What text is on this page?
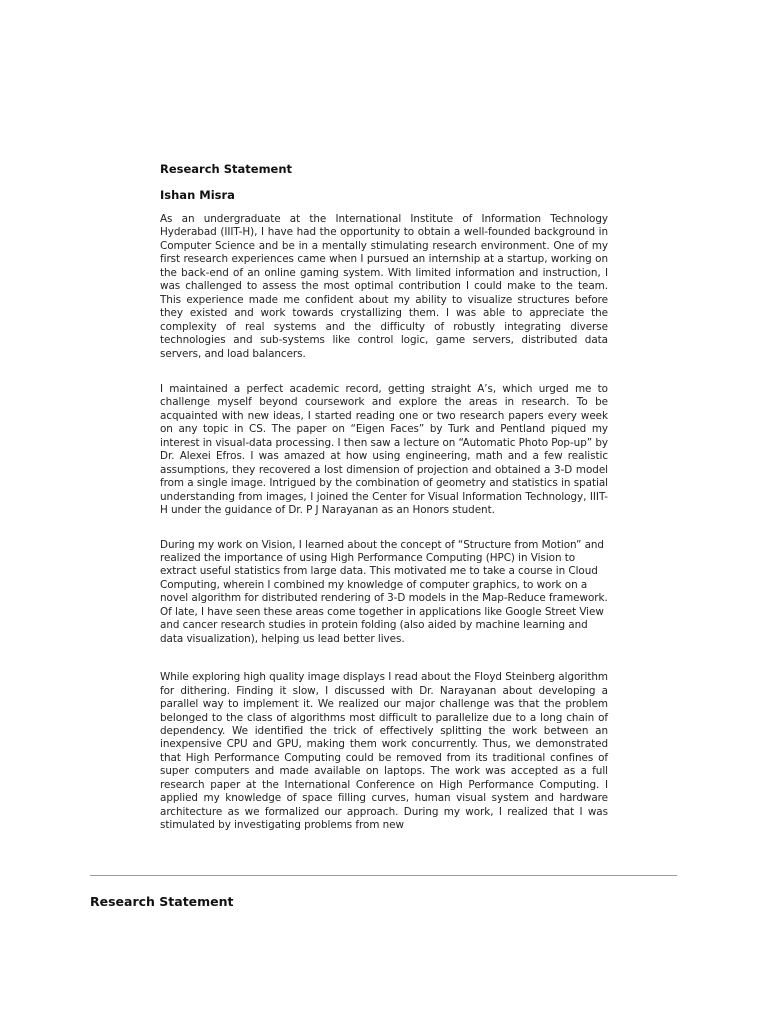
Research Statement
Ishan Misra

As an undergraduate at the International Institute of Information Technology Hyderabad (IIIT-H), I have had the opportunity to obtain a well-founded background in Computer Science and be in a mentally stimulating research environment. One of my first research experiences came when I pursued an internship at a startup, working on the back-end of an online gaming system. With limited information and instruction, I was challenged to assess the most optimal contribution I could make to the team. This experience made me confident about my ability to visualize structures before they existed and work towards crystallizing them. I was able to appreciate the complexity of real systems and the difficulty of robustly integrating diverse technologies and sub-systems like control logic, game servers, distributed data servers, and load balancers.

I maintained a perfect academic record, getting straight A’s, which urged me to challenge myself beyond coursework and explore the areas in research. To be acquainted with new ideas, I started reading one or two research papers every week on any topic in CS. The paper on “Eigen Faces” by Turk and Pentland piqued my interest in visual-data processing. I then saw a lecture on “Automatic Photo Pop-up” by Dr. Alexei Efros. I was amazed at how using engineering, math and a few realistic assumptions, they recovered a lost dimension of projection and obtained a 3-D model from a single image. Intrigued by the combination of geometry and statistics in spatial understanding from images, I joined the Center for Visual Information Technology, IIIT-H under the guidance of Dr. P J Narayanan as an Honors student.

During my work on Vision, I learned about the concept of “Structure from Motion” and realized the importance of using High Performance Computing (HPC) in Vision to extract useful statistics from large data. This motivated me to take a course in Cloud Computing, wherein I combined my knowledge of computer graphics, to work on a novel algorithm for distributed rendering of 3-D models in the Map-Reduce framework. Of late, I have seen these areas come together in applications like Google Street View and cancer research studies in protein folding (also aided by machine learning and data visualization), helping us lead better lives.

While exploring high quality image displays I read about the Floyd Steinberg algorithm for dithering. Finding it slow, I discussed with Dr. Narayanan about developing a parallel way to implement it. We realized our major challenge was that the problem belonged to the class of algorithms most difficult to parallelize due to a long chain of dependency. We identified the trick of effectively splitting the work between an inexpensive CPU and GPU, making them work concurrently. Thus, we demonstrated that High Performance Computing could be removed from its traditional confines of super computers and made available on laptops. The work was accepted as a full research paper at the International Conference on High Performance Computing. I applied my knowledge of space filling curves, human visual system and hardware architecture as we formalized our approach. During my work, I realized that I was stimulated by investigating problems from new

Research Statement
